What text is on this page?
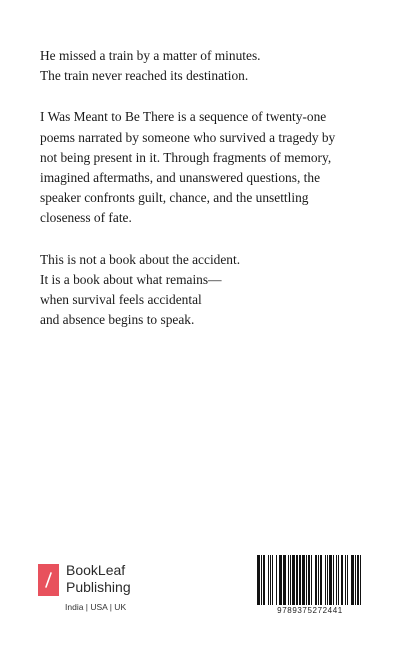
He missed a train by a matter of minutes.
The train never reached its destination.

I Was Meant to Be There is a sequence of twenty-one
poems narrated by someone who survived a tragedy by
not being present in it. Through fragments of memory,
imagined aftermaths, and unanswered questions, the
speaker confronts guilt, chance, and the unsettling
closeness of fate.

This is not a book about the accident.
It is a book about what remains—
when survival feels accidental
and absence begins to speak.

BookLeaf
Publishing
India | USA | UK	9789375272441
